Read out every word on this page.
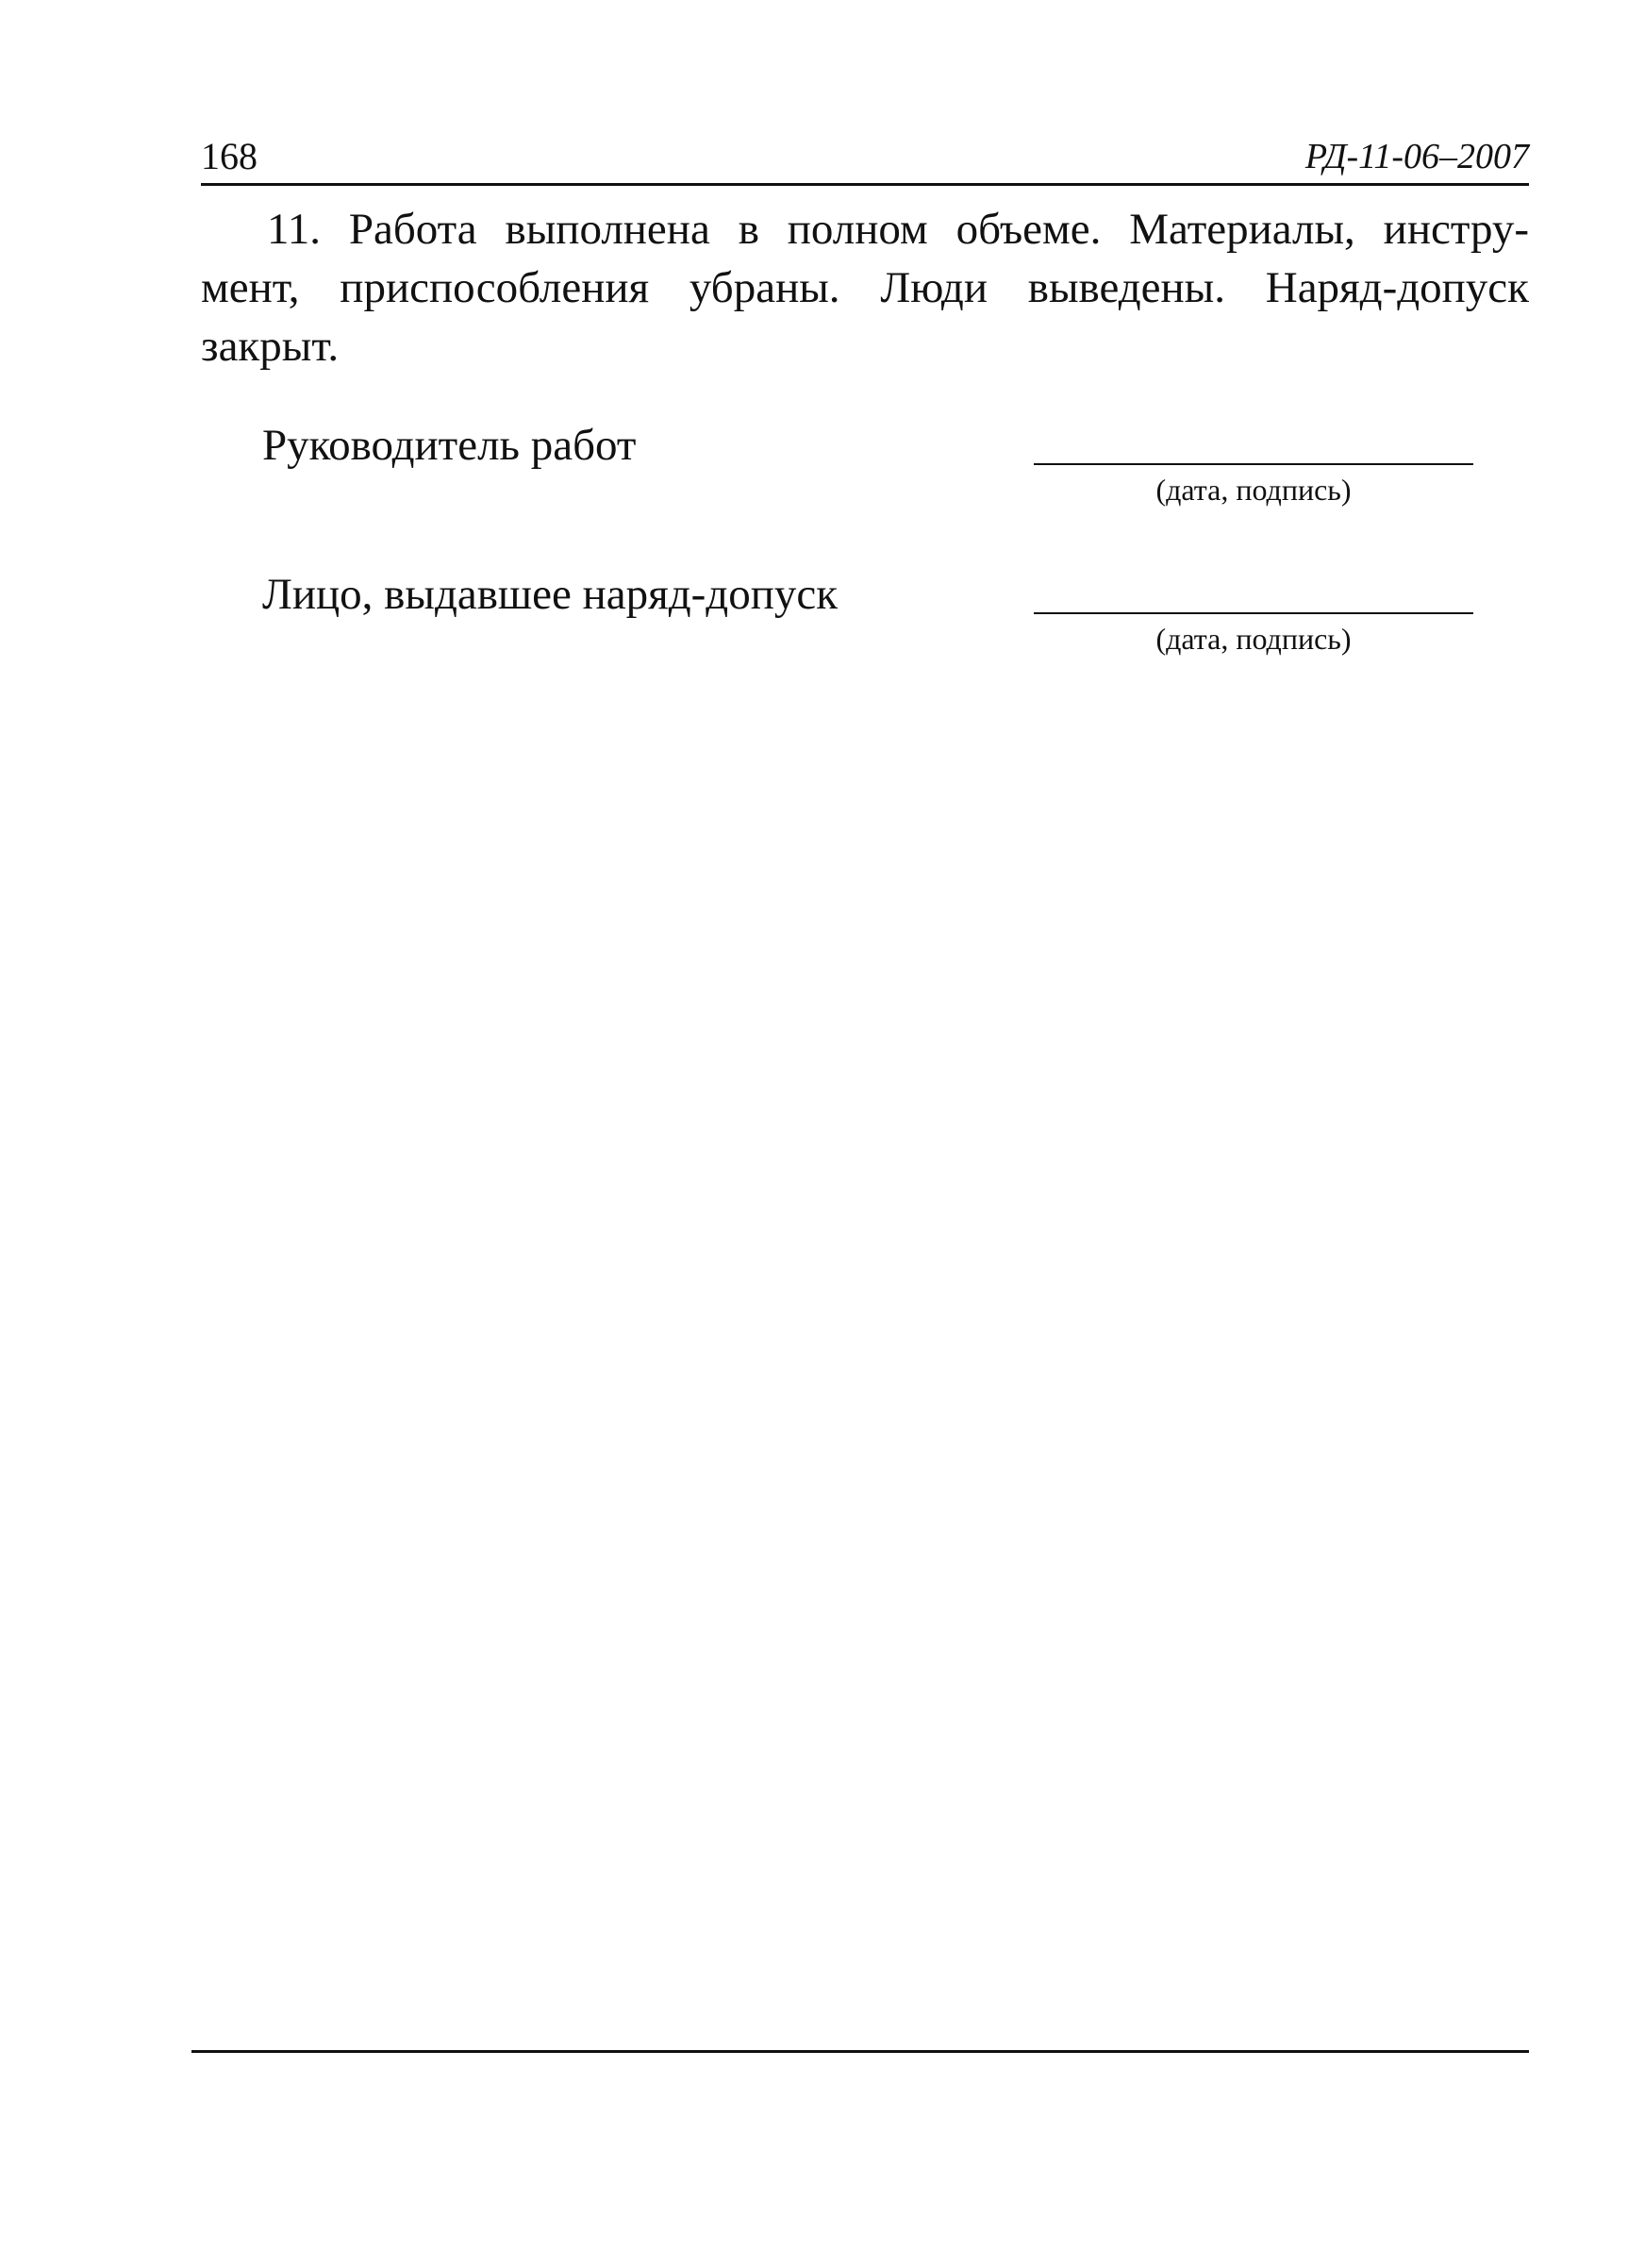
168	РД-11-06–2007
11. Работа выполнена в полном объеме. Материалы, инстру-
мент, приспособления убраны. Люди выведены. Наряд-допуск
закрыт.
Руководитель работ
(дата, подпись)
Лицо, выдавшее наряд-допуск
(дата, подпись)
